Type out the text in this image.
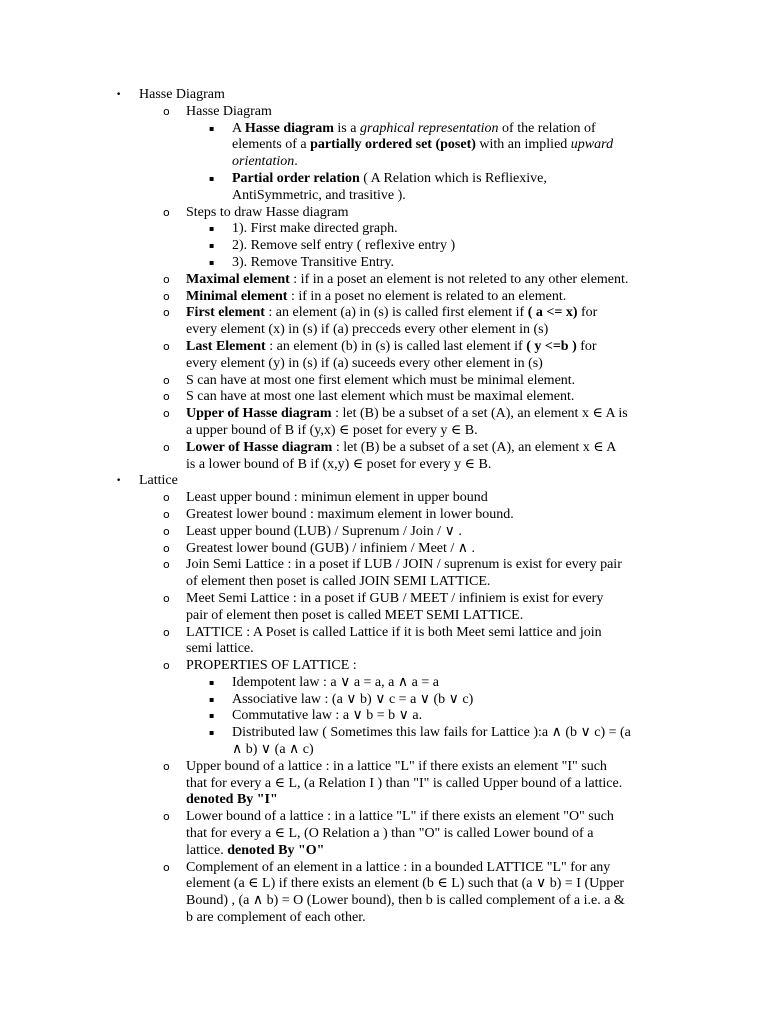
• Hasse Diagram
o Hasse Diagram
▪ A Hasse diagram is a graphical representation of the relation of
elements of a partially ordered set (poset) with an implied upward
orientation.
▪ Partial order relation ( A Relation which is Refliexive,
AntiSymmetric, and trasitive ).
o Steps to draw Hasse diagram
▪ 1). First make directed graph.
▪ 2). Remove self entry ( reflexive entry )
▪ 3). Remove Transitive Entry.
o Maximal element : if in a poset an element is not releted to any other element.
o Minimal element : if in a poset no element is related to an element.
o First element : an element (a) in (s) is called first element if ( a <= x) for
every element (x) in (s) if (a) precceds every other element in (s)
o Last Element : an element (b) in (s) is called last element if ( y <=b ) for
every element (y) in (s) if (a) suceeds every other element in (s)
o S can have at most one first element which must be minimal element.
o S can have at most one last element which must be maximal element.
o Upper of Hasse diagram : let (B) be a subset of a set (A), an element x ∈ A is
a upper bound of B if (y,x) ∈ poset for every y ∈ B.
o Lower of Hasse diagram : let (B) be a subset of a set (A), an element x ∈ A
is a lower bound of B if (x,y) ∈ poset for every y ∈ B.
• Lattice
o Least upper bound : minimun element in upper bound
o Greatest lower bound : maximum element in lower bound.
o Least upper bound (LUB) / Suprenum / Join / ∨ .
o Greatest lower bound (GUB) / infiniem / Meet / ∧ .
o Join Semi Lattice : in a poset if LUB / JOIN / suprenum is exist for every pair
of element then poset is called JOIN SEMI LATTICE.
o Meet Semi Lattice : in a poset if GUB / MEET / infiniem is exist for every
pair of element then poset is called MEET SEMI LATTICE.
o LATTICE : A Poset is called Lattice if it is both Meet semi lattice and join
semi lattice.
o PROPERTIES OF LATTICE :
▪ Idempotent law : a ∨ a = a, a ∧ a = a
▪ Associative law : (a ∨ b) ∨ c = a ∨ (b ∨ c)
▪ Commutative law : a ∨ b = b ∨ a.
▪ Distributed law ( Sometimes this law fails for Lattice ):a ∧ (b ∨ c) = (a
∧ b) ∨ (a ∧ c)
o Upper bound of a lattice : in a lattice "L" if there exists an element "I" such
that for every a ∈ L, (a Relation I ) than "I" is called Upper bound of a lattice.
denoted By "I"
o Lower bound of a lattice : in a lattice "L" if there exists an element "O" such
that for every a ∈ L, (O Relation a ) than "O" is called Lower bound of a
lattice. denoted By "O"
o Complement of an element in a lattice : in a bounded LATTICE "L" for any
element (a ∈ L) if there exists an element (b ∈ L) such that (a ∨ b) = I (Upper
Bound) , (a ∧ b) = O (Lower bound), then b is called complement of a i.e. a &
b are complement of each other.
